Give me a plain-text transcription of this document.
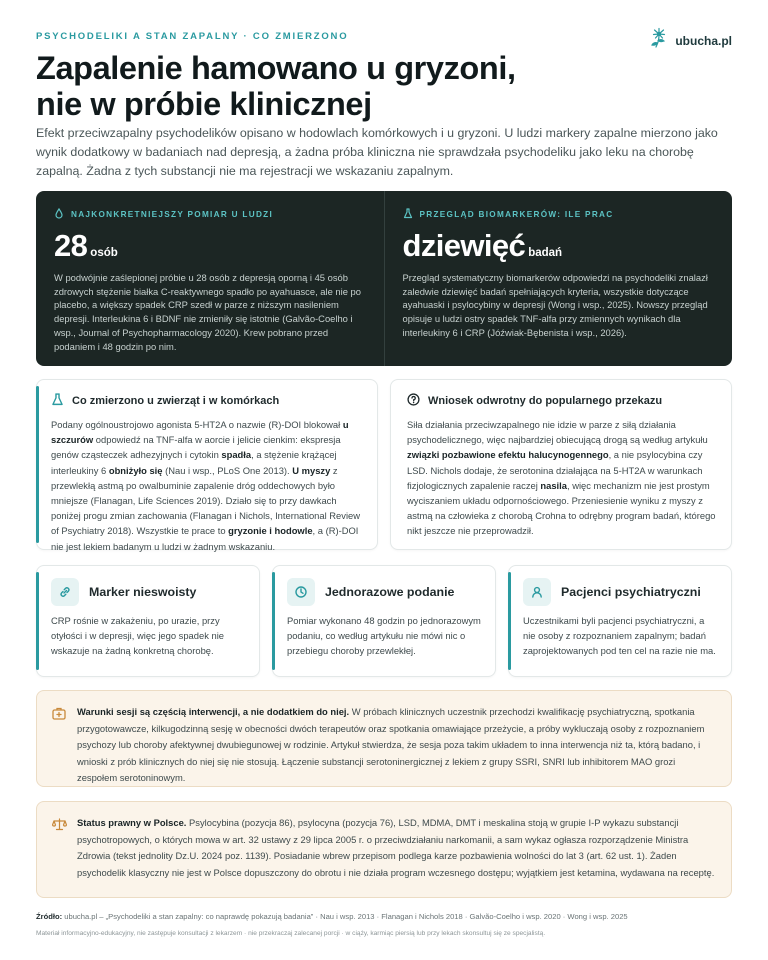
PSYCHODELIKI A STAN ZAPALNY · CO ZMIERZONO	ubucha.pl
Zapalenie hamowano u gryzoni,
nie w próbie klinicznej

Efekt przeciwzapalny psychodelików opisano w hodowlach komórkowych i u gryzoni. U ludzi markery zapalne mierzono jako wynik dodatkowy w badaniach nad depresją, a żadna próba kliniczna nie sprawdzała psychodeliku jako leku na chorobę zapalną. Żadna z tych substancji nie ma rejestracji we wskazaniu zapalnym.

NAJKONKRETNIEJSZY POMIAR U LUDZI
28 osób

W podwójnie zaślepionej próbie u 28 osób z depresją oporną i 45 osób zdrowych stężenie białka C-reaktywnego spadło po ayahuasce, ale nie po placebo, a większy spadek CRP szedł w parze z niższym nasileniem depresji. Interleukina 6 i BDNF nie zmieniły się istotnie (Galvão-Coelho i wsp., Journal of Psychopharmacology 2020). Krew pobrano przed podaniem i 48 godzin po nim.

PRZEGLĄD BIOMARKERÓW: ILE PRAC
dziewięć badań

Przegląd systematyczny biomarkerów odpowiedzi na psychodeliki znalazł zaledwie dziewięć badań spełniających kryteria, wszystkie dotyczące ayahuaski i psylocybiny w depresji (Wong i wsp., 2025). Nowszy przegląd opisuje u ludzi ostry spadek TNF-alfa przy zmiennych wynikach dla interleukiny 6 i CRP (Jóźwiak-Bębenista i wsp., 2026).

Co zmierzono u zwierząt i w komórkach

Podany ogólnoustrojowo agonista 5-HT2A o nazwie (R)-DOI blokował u szczurów odpowiedź na TNF-alfa w aorcie i jelicie cienkim: ekspresja genów cząsteczek adhezyjnych i cytokin spadła, a stężenie krążącej interleukiny 6 obniżyło się (Nau i wsp., PLoS One 2013). U myszy z przewlekłą astmą po owalbuminie zapalenie dróg oddechowych było mniejsze (Flanagan, Life Sciences 2019). Działo się to przy dawkach poniżej progu zmian zachowania (Flanagan i Nichols, International Review of Psychiatry 2018). Wszystkie te prace to gryzonie i hodowle, a (R)-DOI nie jest lekiem badanym u ludzi w żadnym wskazaniu.

Wniosek odwrotny do popularnego przekazu

Siła działania przeciwzapalnego nie idzie w parze z siłą działania psychodelicznego, więc najbardziej obiecującą drogą są według artykułu związki pozbawione efektu halucynogennego, a nie psylocybina czy LSD. Nichols dodaje, że serotonina działająca na 5-HT2A w warunkach fizjologicznych zapalenie raczej nasila, więc mechanizm nie jest prostym wyciszaniem układu odpornościowego. Przeniesienie wyniku z myszy z astmą na człowieka z chorobą Crohna to odrębny program badań, którego nikt jeszcze nie przeprowadził.

Marker nieswoisty

CRP rośnie w zakażeniu, po urazie, przy otyłości i w depresji, więc jego spadek nie wskazuje na żadną konkretną chorobę.

Jednorazowe podanie

Pomiar wykonano 48 godzin po jednorazowym podaniu, co według artykułu nie mówi nic o przebiegu choroby przewlekłej.

Pacjenci psychiatryczni

Uczestnikami byli pacjenci psychiatryczni, a nie osoby z rozpoznaniem zapalnym; badań zaprojektowanych pod ten cel na razie nie ma.

Warunki sesji są częścią interwencji, a nie dodatkiem do niej. W próbach klinicznych uczestnik przechodzi kwalifikację psychiatryczną, spotkania przygotowawcze, kilkugodzinną sesję w obecności dwóch terapeutów oraz spotkania omawiające przeżycie, a próby wykluczają osoby z rozpoznaniem psychozy lub choroby afektywnej dwubiegunowej w rodzinie. Artykuł stwierdza, że sesja poza takim układem to inna interwencja niż ta, którą badano, i wnioski z prób klinicznych do niej się nie stosują. Łączenie substancji serotoninergicznej z lekiem z grupy SSRI, SNRI lub inhibitorem MAO grozi zespołem serotoninowym.

Status prawny w Polsce. Psylocybina (pozycja 86), psylocyna (pozycja 76), LSD, MDMA, DMT i meskalina stoją w grupie I-P wykazu substancji psychotropowych, o których mowa w art. 32 ustawy z 29 lipca 2005 r. o przeciwdziałaniu narkomanii, a sam wykaz ogłasza rozporządzenie Ministra Zdrowia (tekst jednolity Dz.U. 2024 poz. 1139). Posiadanie wbrew przepisom podlega karze pozbawienia wolności do lat 3 (art. 62 ust. 1). Żaden psychodelik klasyczny nie jest w Polsce dopuszczony do obrotu i nie działa program wczesnego dostępu; wyjątkiem jest ketamina, wydawana na receptę.

Źródło: ubucha.pl – „Psychodeliki a stan zapalny: co naprawdę pokazują badania” · Nau i wsp. 2013 · Flanagan i Nichols 2018 · Galvão-Coelho i wsp. 2020 · Wong i wsp. 2025

Materiał informacyjno-edukacyjny, nie zastępuje konsultacji z lekarzem · nie przekraczaj zalecanej porcji · w ciąży, karmiąc piersią lub przy lekach skonsultuj się ze specjalistą.
